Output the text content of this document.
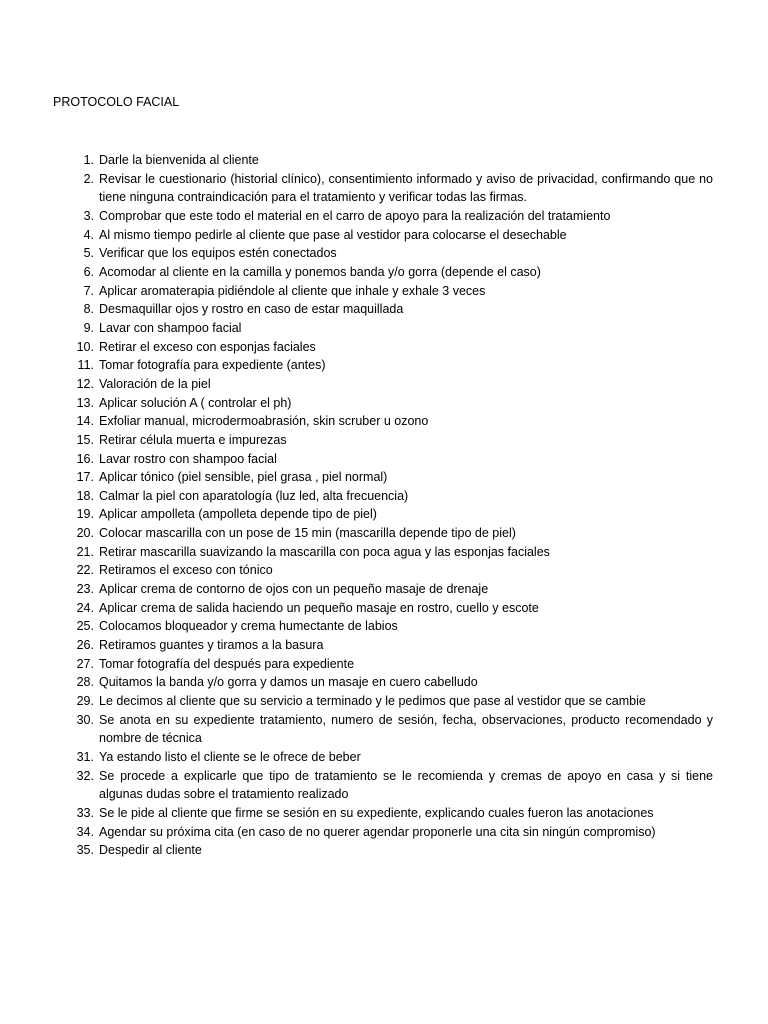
PROTOCOLO FACIAL
1. Darle la bienvenida al cliente
2. Revisar le cuestionario (historial clínico), consentimiento informado y aviso de privacidad, confirmando que no tiene ninguna contraindicación para el tratamiento y verificar todas las firmas.
3. Comprobar que este todo el material en el carro de apoyo para la realización del tratamiento
4. Al mismo tiempo pedirle al cliente que pase al vestidor para colocarse el desechable
5. Verificar que los equipos estén conectados
6. Acomodar al cliente en la camilla y ponemos banda y/o gorra (depende el caso)
7. Aplicar aromaterapia pidiéndole al cliente que inhale y exhale 3 veces
8. Desmaquillar ojos y rostro en caso de estar maquillada
9. Lavar con shampoo facial
10. Retirar el exceso con esponjas faciales
11. Tomar fotografía para expediente (antes)
12. Valoración de la piel
13. Aplicar solución A ( controlar el ph)
14. Exfoliar manual, microdermoabrasión, skin scruber u ozono
15. Retirar célula muerta e impurezas
16. Lavar rostro con shampoo facial
17. Aplicar tónico (piel sensible, piel grasa , piel normal)
18. Calmar la piel con aparatología (luz led, alta frecuencia)
19. Aplicar ampolleta (ampolleta depende tipo de piel)
20. Colocar mascarilla con un pose de 15 min (mascarilla depende tipo de piel)
21. Retirar mascarilla suavizando la mascarilla con poca agua y las esponjas faciales
22. Retiramos el exceso con tónico
23. Aplicar crema de contorno de ojos con un pequeño masaje de drenaje
24. Aplicar crema de salida haciendo un pequeño masaje en rostro, cuello y escote
25. Colocamos bloqueador y crema humectante de labios
26. Retiramos guantes y tiramos a la basura
27. Tomar fotografía del después para expediente
28. Quitamos la banda y/o gorra y damos un masaje en cuero cabelludo
29. Le decimos al cliente que su servicio a terminado y le pedimos que pase al vestidor que se cambie
30. Se anota en su expediente tratamiento, numero de sesión, fecha, observaciones, producto recomendado y nombre de técnica
31. Ya estando listo el cliente se le ofrece de beber
32. Se procede a explicarle que tipo de tratamiento se le recomienda y cremas de apoyo en casa y si tiene algunas dudas sobre el tratamiento realizado
33. Se le pide al cliente que firme se sesión en su expediente, explicando cuales fueron las anotaciones
34. Agendar su próxima cita (en caso de no querer agendar proponerle una cita sin ningún compromiso)
35. Despedir al cliente
